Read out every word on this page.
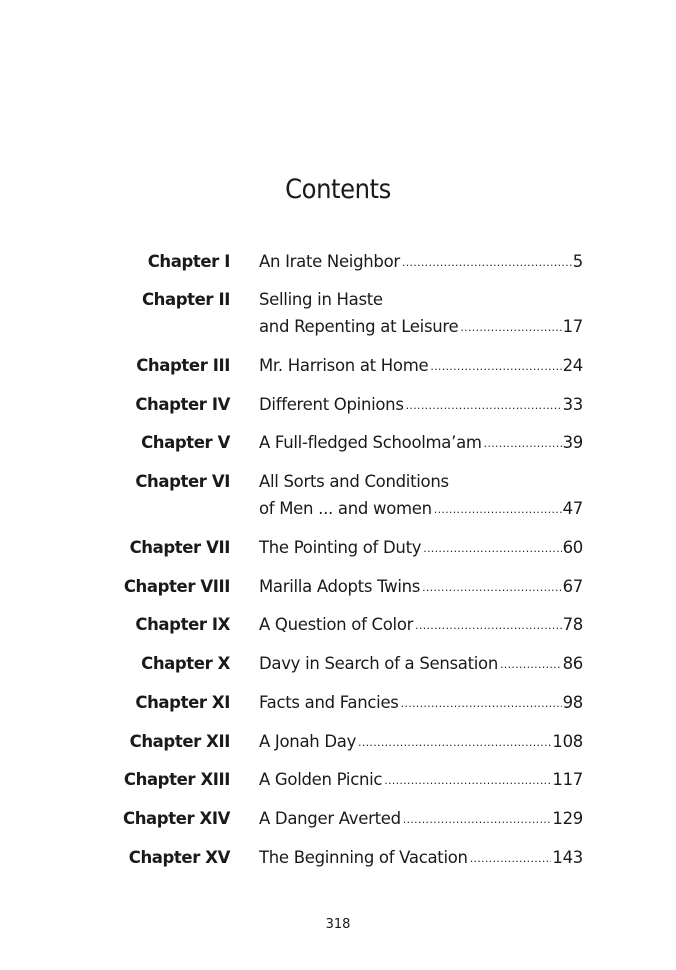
Contents
Chapter I An Irate Neighbor .....	5
Chapter II Selling in Haste
and Repenting at Leisure .....	17
Chapter III Mr. Harrison at Home .....	24
Chapter IV Different Opinions .....	33
Chapter V A Full-fledged Schoolma’am .....	39
Chapter VI All Sorts and Conditions
of Men ... and women .....	47
Chapter VII The Pointing of Duty .....	60
Chapter VIII Marilla Adopts Twins .....	67
Chapter IX A Question of Color .....	78
Chapter X Davy in Search of a Sensation .....	86
Chapter XI Facts and Fancies .....	98
Chapter XII A Jonah Day .....	108
Chapter XIII A Golden Picnic .....	117
Chapter XIV A Danger Averted .....	129
Chapter XV The Beginning of Vacation .....	143
318
